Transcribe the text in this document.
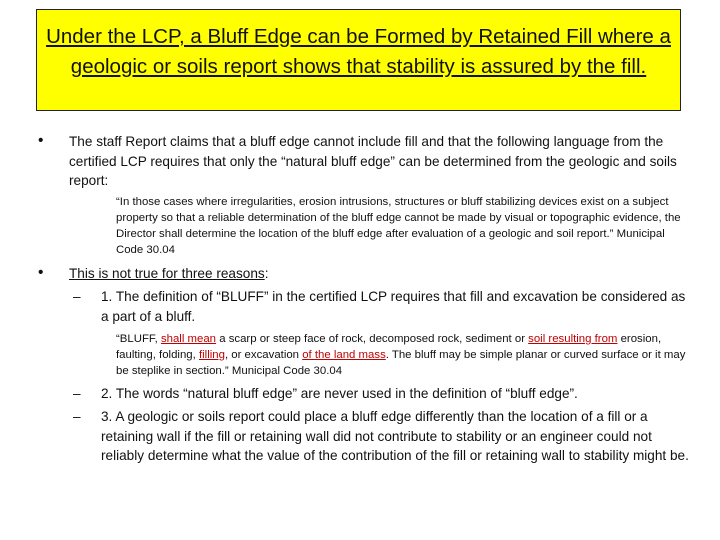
Under the LCP, a Bluff Edge can be Formed by Retained Fill where a geologic or soils report shows that stability is assured by the fill.

• The staff Report claims that a bluff edge cannot include fill and that the following language from the certified LCP requires that only the “natural bluff edge” can be determined from the geologic and soils report:
“In those cases where irregularities, erosion intrusions, structures or bluff stabilizing devices exist on a subject property so that a reliable determination of the bluff edge cannot be made by visual or topographic evidence, the Director shall determine the location of the bluff edge after evaluation of a geologic and soil report.” Municipal Code 30.04
• This is not true for three reasons:
– 1. The definition of “BLUFF” in the certified LCP requires that fill and excavation be considered as a part of a bluff.
“BLUFF, shall mean a scarp or steep face of rock, decomposed rock, sediment or soil resulting from erosion, faulting, folding, filling, or excavation of the land mass. The bluff may be simple planar or curved surface or it may be steplike in section.” Municipal Code 30.04
– 2. The words “natural bluff edge” are never used in the definition of “bluff edge”.
– 3. A geologic or soils report could place a bluff edge differently than the location of a fill or a retaining wall if the fill or retaining wall did not contribute to stability or an engineer could not reliably determine what the value of the contribution of the fill or retaining wall to stability might be.
